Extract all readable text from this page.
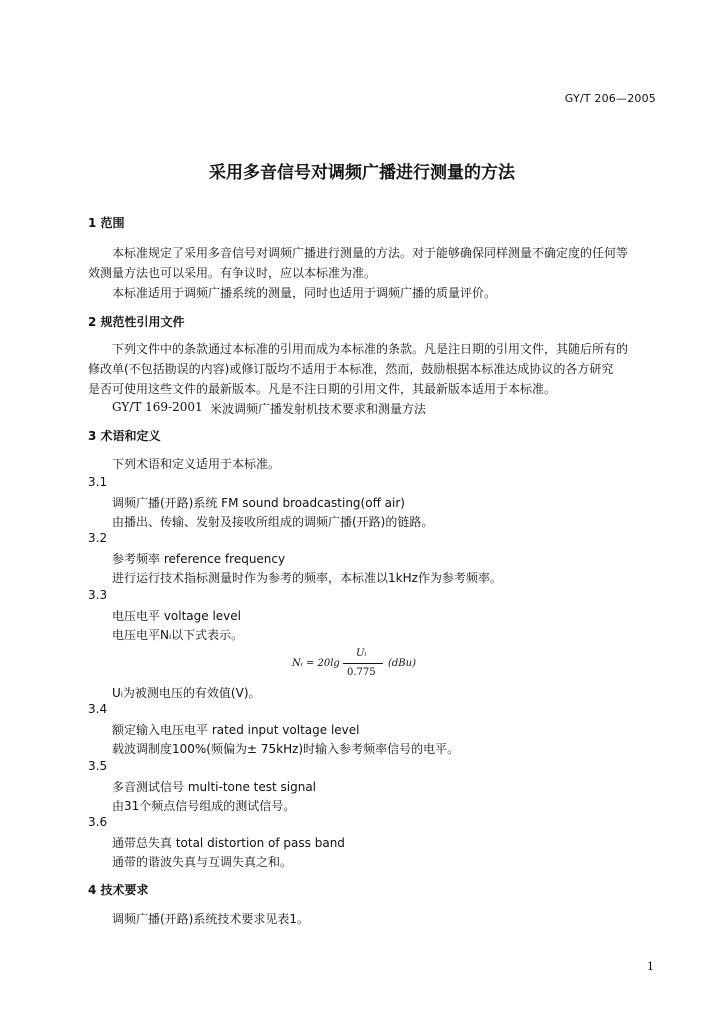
GY/T 206—2005
采用多音信号对调频广播进行测量的方法
1 范围
本标准规定了采用多音信号对调频广播进行测量的方法。对于能够确保同样测量不确定度的任何等
效测量方法也可以采用。有争议时，应以本标准为准。
本标准适用于调频广播系统的测量，同时也适用于调频广播的质量评价。
2 规范性引用文件
下列文件中的条款通过本标准的引用而成为本标准的条款。凡是注日期的引用文件，其随后所有的
修改单(不包括勘误的内容)或修订版均不适用于本标准，然而，鼓励根据本标准达成协议的各方研究
是否可使用这些文件的最新版本。凡是不注日期的引用文件，其最新版本适用于本标准。
GY/T 169-2001 米波调频广播发射机技术要求和测量方法
3 术语和定义
下列术语和定义适用于本标准。
3.1
调频广播(开路)系统 FM sound broadcasting(off air)
由播出、传输、发射及接收所组成的调频广播(开路)的链路。
3.2
参考频率 reference frequency
进行运行技术指标测量时作为参考的频率，本标准以1kHz作为参考频率。
3.3
电压电平 voltage level
电压电平Nᵢ以下式表示。
Nᵢ = 20lg
Uᵢ
0.775
(dBu)
Uᵢ为被测电压的有效值(V)。
3.4
额定输入电压电平 rated input voltage level
载波调制度100%(频偏为± 75kHz)时输入参考频率信号的电平。
3.5
多音测试信号 multi-tone test signal
由31个频点信号组成的测试信号。
3.6
通带总失真 total distortion of pass band
通带的谐波失真与互调失真之和。
4 技术要求
调频广播(开路)系统技术要求见表1。
1
